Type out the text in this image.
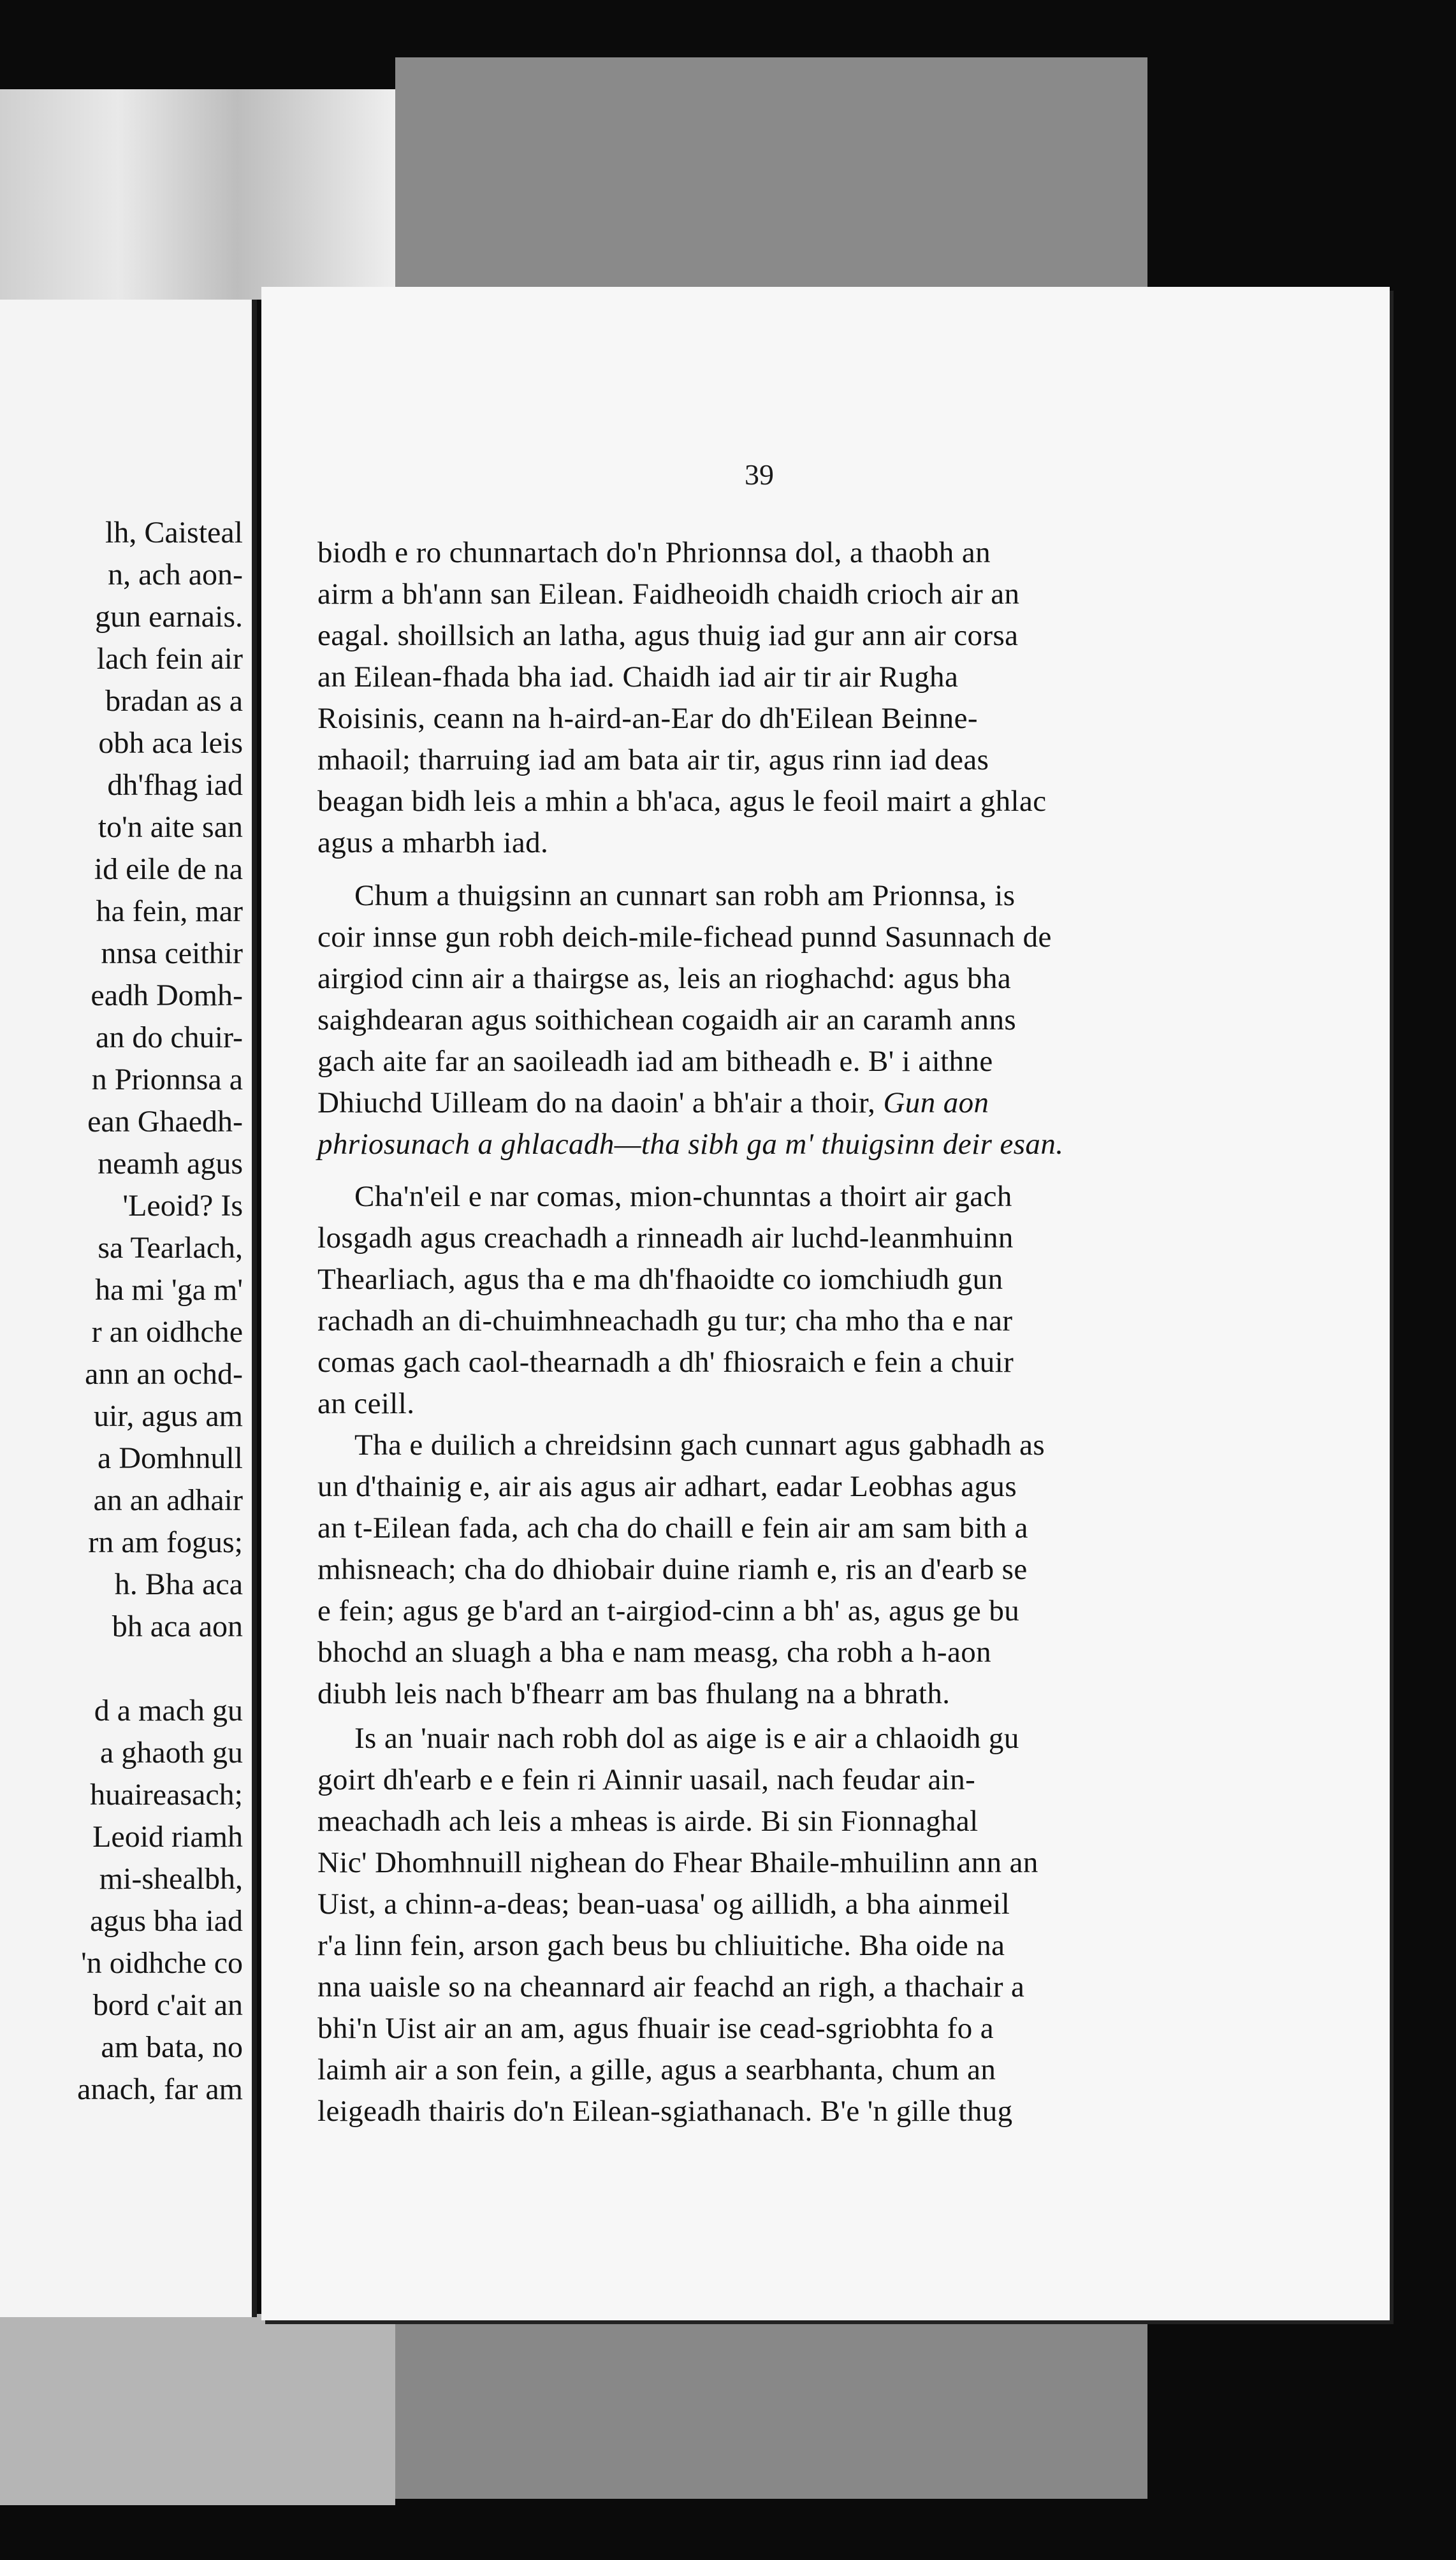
lh, Caisteal
n, ach aon-
gun earnais.
lach fein air
bradan as a
obh aca leis
dh'fhag iad
to'n aite san
id eile de na
ha fein, mar
nnsa ceithir
eadh Domh-
an do chuir-
n Prionnsa a
ean Ghaedh-
neamh agus
'Leoid? Is
sa Tearlach,
ha mi 'ga m'
r an oidhche
ann an ochd-
uir, agus am
a Domhnull
an an adhair
rn am fogus;
h. Bha aca
bh aca aon
d a mach gu
a ghaoth gu
huaireasach;
Leoid riamh
mi-shealbh,
agus bha iad
'n oidhche co
bord c'ait an
am bata, no
anach, far am
39
biodh e ro chunnartach do'n Phrionnsa dol, a thaobh an
airm a bh'ann san Eilean. Faidheoidh chaidh crioch air an
eagal. shoillsich an latha, agus thuig iad gur ann air corsa
an Eilean-fhada bha iad. Chaidh iad air tir air Rugha
Roisinis, ceann na h-aird-an-Ear do dh'Eilean Beinne-
mhaoil; tharruing iad am bata air tir, agus rinn iad deas
beagan bidh leis a mhin a bh'aca, agus le feoil mairt a ghlac
agus a mharbh iad.
Chum a thuigsinn an cunnart san robh am Prionnsa, is
coir innse gun robh deich-mile-fichead punnd Sasunnach de
airgiod cinn air a thairgse as, leis an rioghachd: agus bha
saighdearan agus soithichean cogaidh air an caramh anns
gach aite far an saoileadh iad am bitheadh e. B' i aithne
Dhiuchd Uilleam do na daoin' a bh'air a thoir, Gun aon
phriosunach a ghlacadh—tha sibh ga m' thuigsinn deir esan.
Cha'n'eil e nar comas, mion-chunntas a thoirt air gach
losgadh agus creachadh a rinneadh air luchd-leanmhuinn
Thearliach, agus tha e ma dh'fhaoidte co iomchiudh gun
rachadh an di-chuimhneachadh gu tur; cha mho tha e nar
comas gach caol-thearnadh a dh' fhiosraich e fein a chuir
an ceill.
Tha e duilich a chreidsinn gach cunnart agus gabhadh as
un d'thainig e, air ais agus air adhart, eadar Leobhas agus
an t-Eilean fada, ach cha do chaill e fein air am sam bith a
mhisneach; cha do dhiobair duine riamh e, ris an d'earb se
e fein; agus ge b'ard an t-airgiod-cinn a bh' as, agus ge bu
bhochd an sluagh a bha e nam measg, cha robh a h-aon
diubh leis nach b'fhearr am bas fhulang na a bhrath.
Is an 'nuair nach robh dol as aige is e air a chlaoidh gu
goirt dh'earb e e fein ri Ainnir uasail, nach feudar ain-
meachadh ach leis a mheas is airde. Bi sin Fionnaghal
Nic' Dhomhnuill nighean do Fhear Bhaile-mhuilinn ann an
Uist, a chinn-a-deas; bean-uasa' og aillidh, a bha ainmeil
r'a linn fein, arson gach beus bu chliuitiche. Bha oide na
nna uaisle so na cheannard air feachd an righ, a thachair a
bhi'n Uist air an am, agus fhuair ise cead-sgriobhta fo a
laimh air a son fein, a gille, agus a searbhanta, chum an
leigeadh thairis do'n Eilean-sgiathanach. B'e 'n gille thug
